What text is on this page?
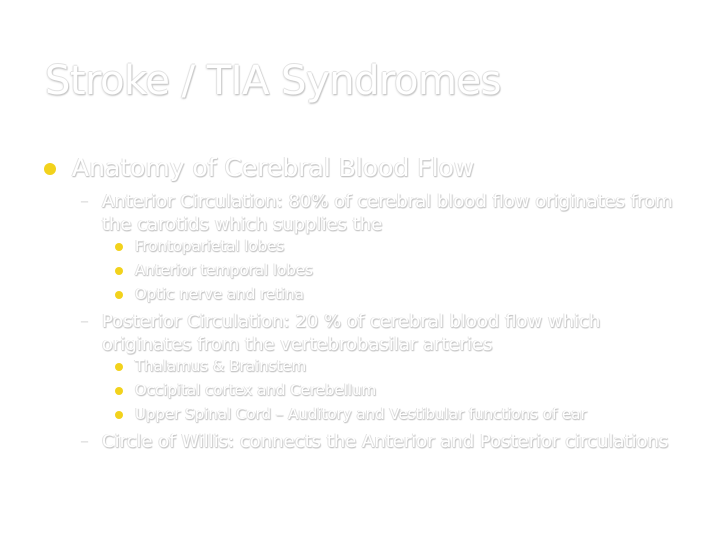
Stroke / TIA Syndromes
Anatomy of Cerebral Blood Flow
– Anterior Circulation: 80% of cerebral blood flow originates from the carotids which supplies the
Frontoparietal lobes
Anterior temporal lobes
Optic nerve and retina
– Posterior Circulation: 20 % of cerebral blood flow which originates from the vertebrobasilar arteries
Thalamus & Brainstem
Occipital cortex and Cerebellum
Upper Spinal Cord – Auditory and Vestibular functions of ear
– Circle of Willis: connects the Anterior and Posterior circulations
